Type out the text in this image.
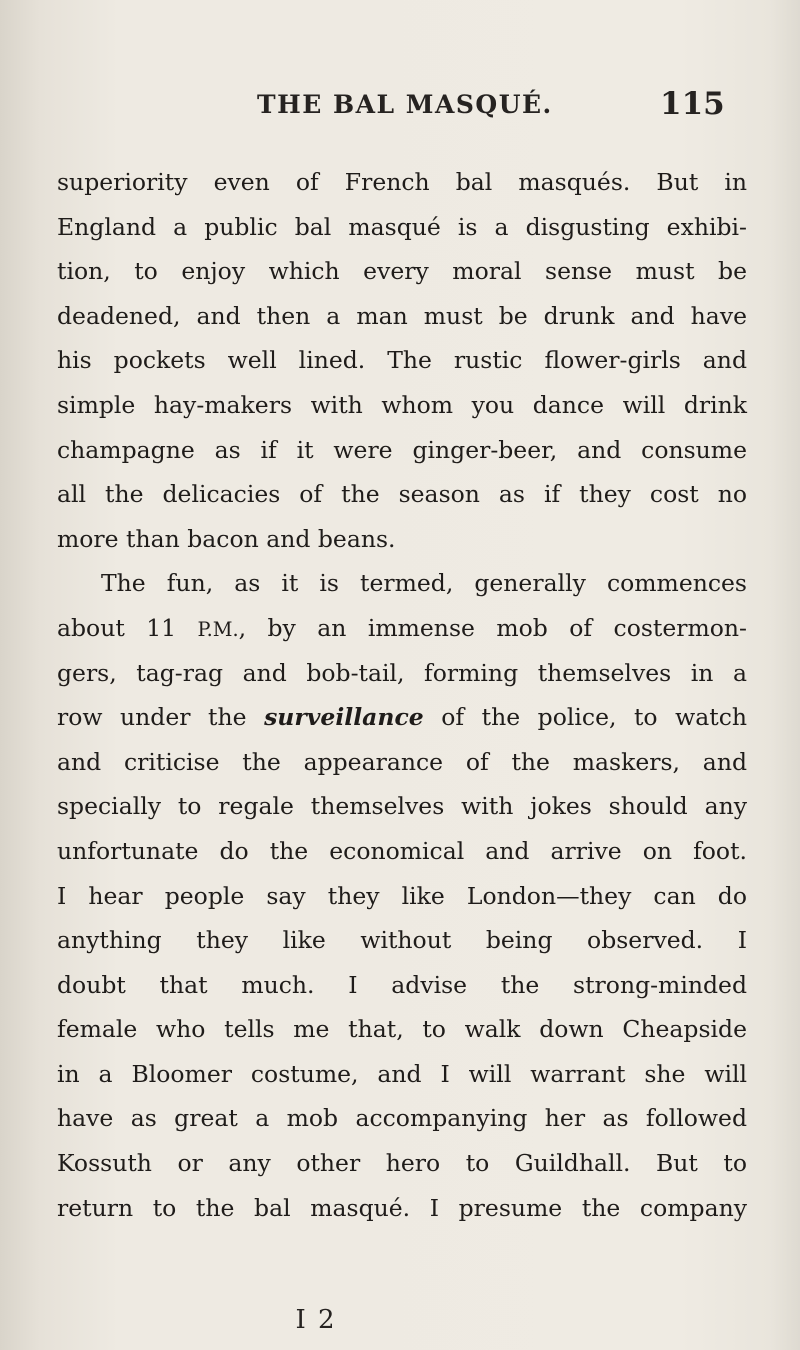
THE BAL MASQUÉ.	115
superiority even of French bal masqués. But in
England a public bal masqué is a disgusting exhibi-
tion, to enjoy which every moral sense must be
deadened, and then a man must be drunk and have
his pockets well lined. The rustic flower-girls and
simple hay-makers with whom you dance will drink
champagne as if it were ginger-beer, and consume
all the delicacies of the season as if they cost no
more than bacon and beans.
The fun, as it is termed, generally commences
about 11 P.M., by an immense mob of costermon-
gers, tag-rag and bob-tail, forming themselves in a
row under the surveillance of the police, to watch
and criticise the appearance of the maskers, and
specially to regale themselves with jokes should any
unfortunate do the economical and arrive on foot.
I hear people say they like London—they can do
anything they like without being observed. I
doubt that much. I advise the strong-minded
female who tells me that, to walk down Cheapside
in a Bloomer costume, and I will warrant she will
have as great a mob accompanying her as followed
Kossuth or any other hero to Guildhall. But to
return to the bal masqué. I presume the company
I 2
